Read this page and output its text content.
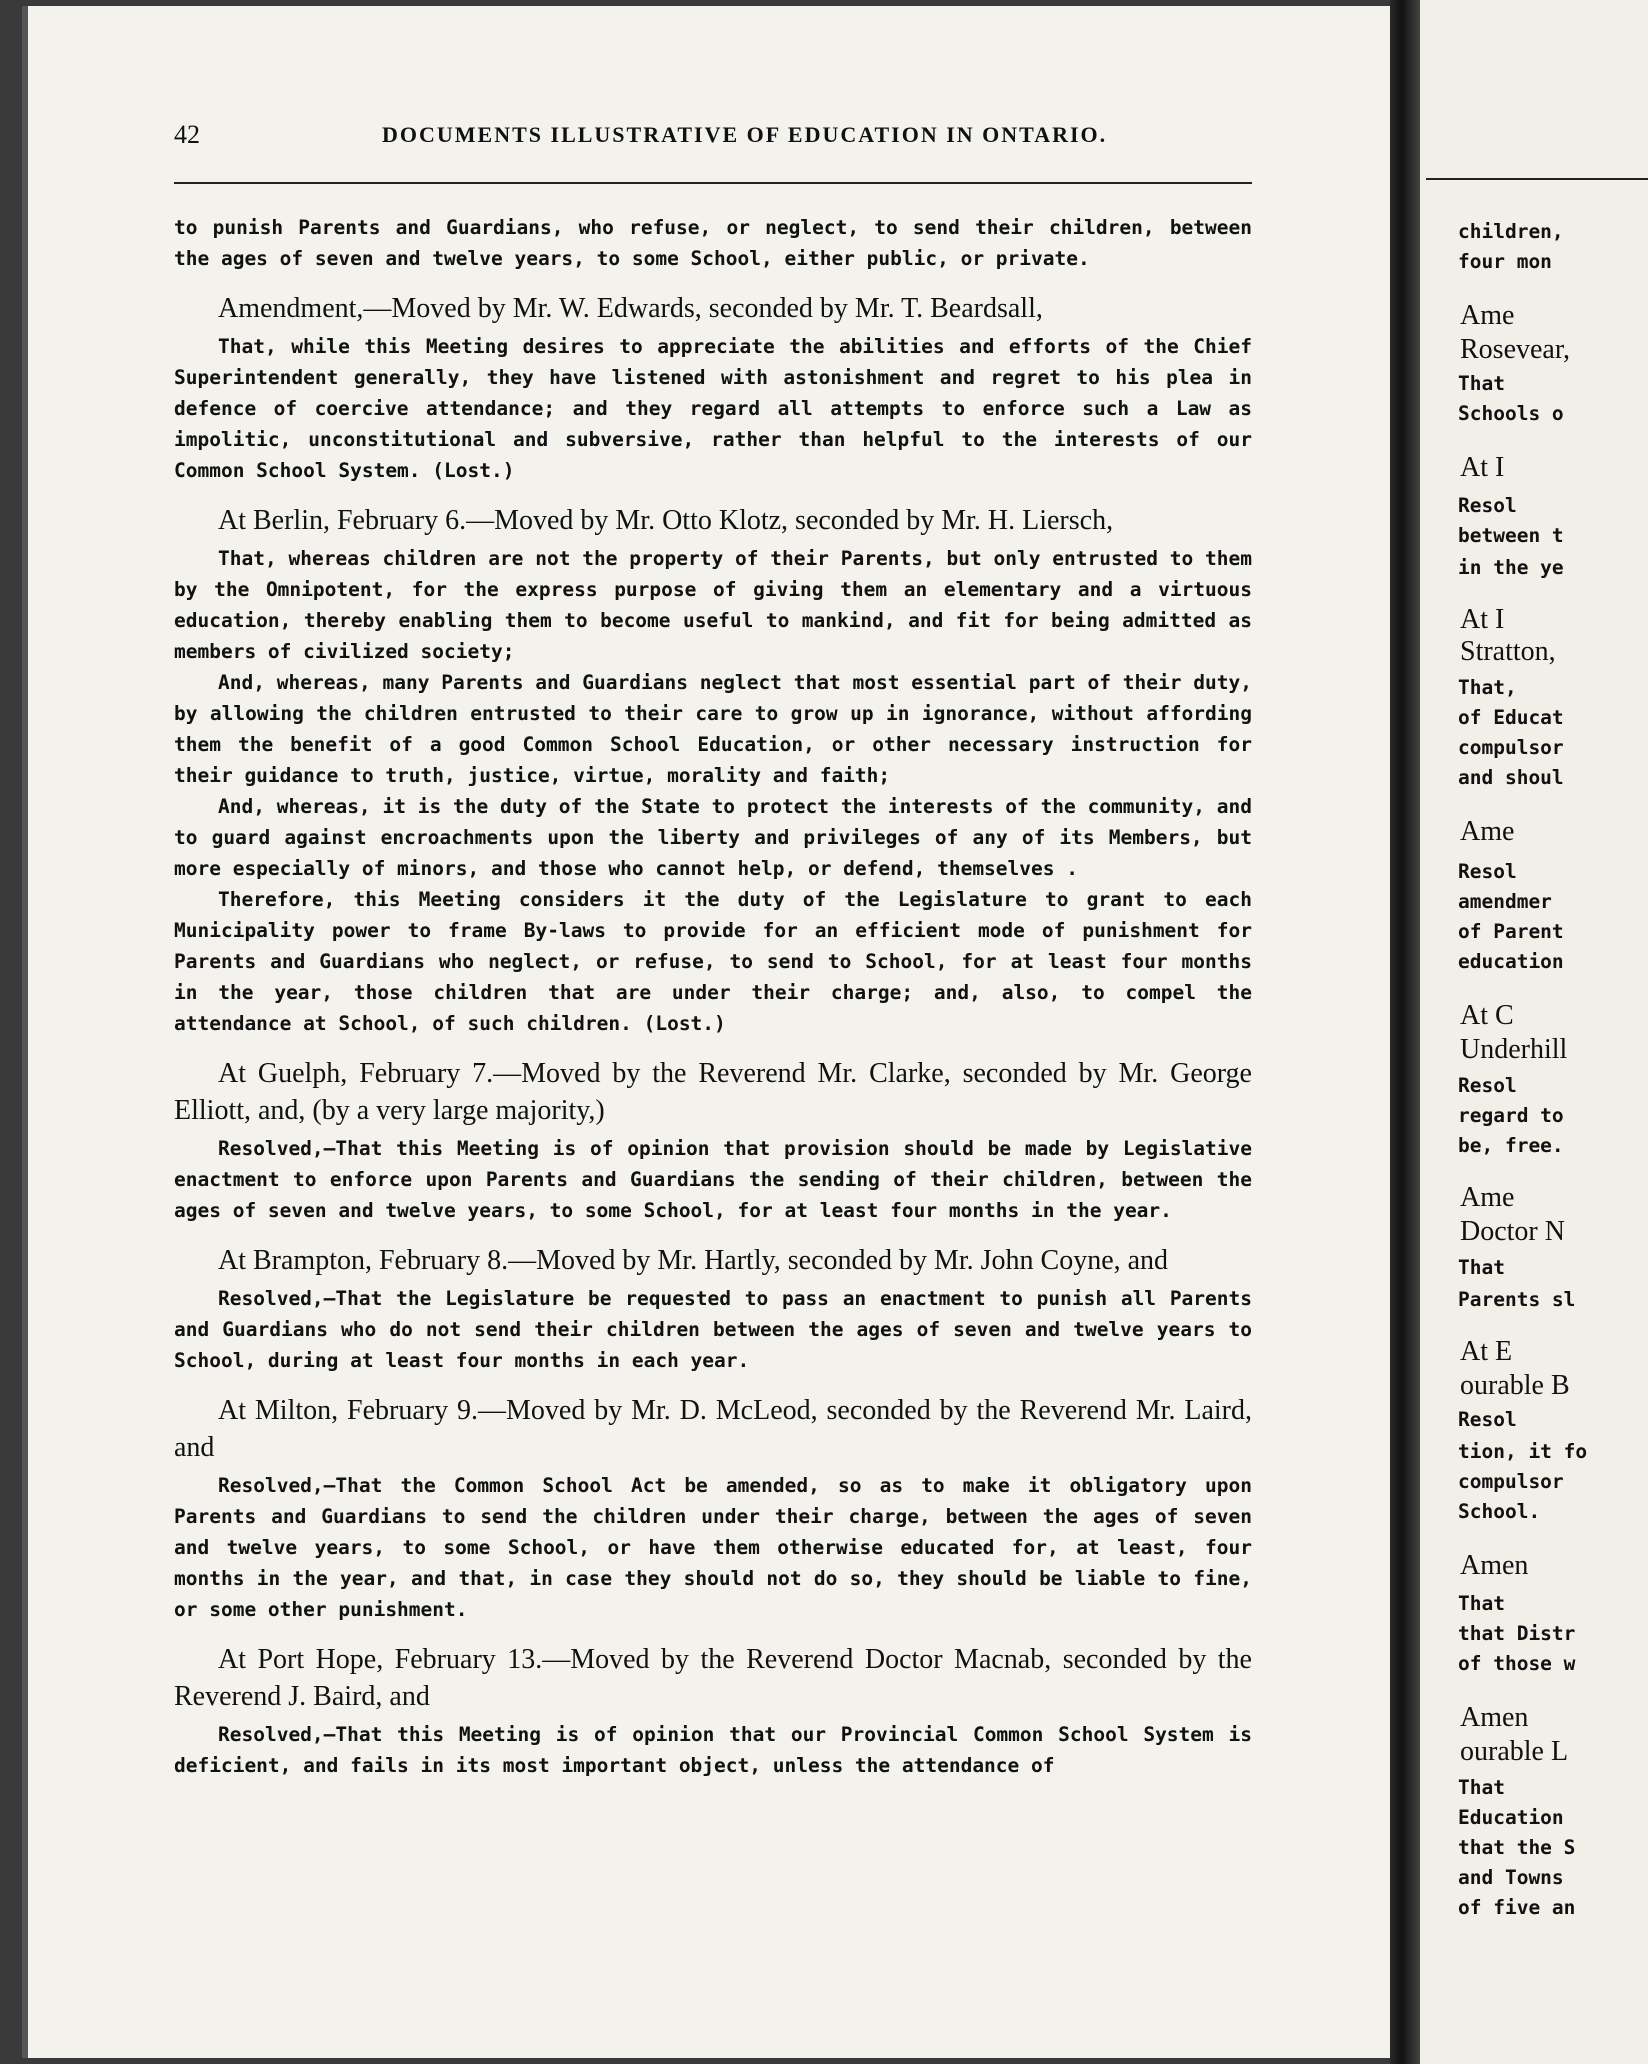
children,
four mon
Ame
Rosevear,
That
Schools o
At I
Resol
between t
in the ye
At I
Stratton,
That,
of Educat
compulsor
and shoul
Ame
Resol
amendmer
of Parent
education
At C
Underhill
Resol
regard to
be, free.
Ame
Doctor N
That
Parents sl
At E
ourable B
Resol
tion, it fo
compulsor
School.
Amen
That
that Distr
of those w
Amen
ourable L
That
Education
that the S
and Towns
of five an
42	DOCUMENTS ILLUSTRATIVE OF EDUCATION IN ONTARIO.

to punish Parents and Guardians, who refuse, or neglect, to send their children, between the ages of seven and twelve years, to some School, either public, or private.

Amendment,—Moved by Mr. W. Edwards, seconded by Mr. T. Beardsall,

That, while this Meeting desires to appreciate the abilities and efforts of the Chief Superintendent generally, they have listened with astonishment and regret to his plea in defence of coercive attendance; and they regard all attempts to enforce such a Law as impolitic, unconstitutional and subversive, rather than helpful to the interests of our Common School System. (Lost.)

At Berlin, February 6.—Moved by Mr. Otto Klotz, seconded by Mr. H. Liersch,

That, whereas children are not the property of their Parents, but only entrusted to them by the Omnipotent, for the express purpose of giving them an elementary and a virtuous education, thereby enabling them to become useful to mankind, and fit for being admitted as members of civilized society;

And, whereas, many Parents and Guardians neglect that most essential part of their duty, by allowing the children entrusted to their care to grow up in ignorance, without affording them the benefit of a good Common School Education, or other necessary instruction for their guidance to truth, justice, virtue, morality and faith;

And, whereas, it is the duty of the State to protect the interests of the community, and to guard against encroachments upon the liberty and privileges of any of its Members, but more especially of minors, and those who cannot help, or defend, themselves .

Therefore, this Meeting considers it the duty of the Legislature to grant to each Municipality power to frame By-laws to provide for an efficient mode of punishment for Parents and Guardians who neglect, or refuse, to send to School, for at least four months in the year, those children that are under their charge; and, also, to compel the attendance at School, of such children. (Lost.)

At Guelph, February 7.—Moved by the Reverend Mr. Clarke, seconded by Mr. George Elliott, and, (by a very large majority,)

Resolved,—That this Meeting is of opinion that provision should be made by Legislative enactment to enforce upon Parents and Guardians the sending of their children, between the ages of seven and twelve years, to some School, for at least four months in the year.

At Brampton, February 8.—Moved by Mr. Hartly, seconded by Mr. John Coyne, and

Resolved,—That the Legislature be requested to pass an enactment to punish all Parents and Guardians who do not send their children between the ages of seven and twelve years to School, during at least four months in each year.

At Milton, February 9.—Moved by Mr. D. McLeod, seconded by the Reverend Mr. Laird, and

Resolved,—That the Common School Act be amended, so as to make it obligatory upon Parents and Guardians to send the children under their charge, between the ages of seven and twelve years, to some School, or have them otherwise educated for, at least, four months in the year, and that, in case they should not do so, they should be liable to fine, or some other punishment.

At Port Hope, February 13.—Moved by the Reverend Doctor Macnab, seconded by the Reverend J. Baird, and

Resolved,—That this Meeting is of opinion that our Provincial Common School System is deficient, and fails in its most important object, unless the attendance of
